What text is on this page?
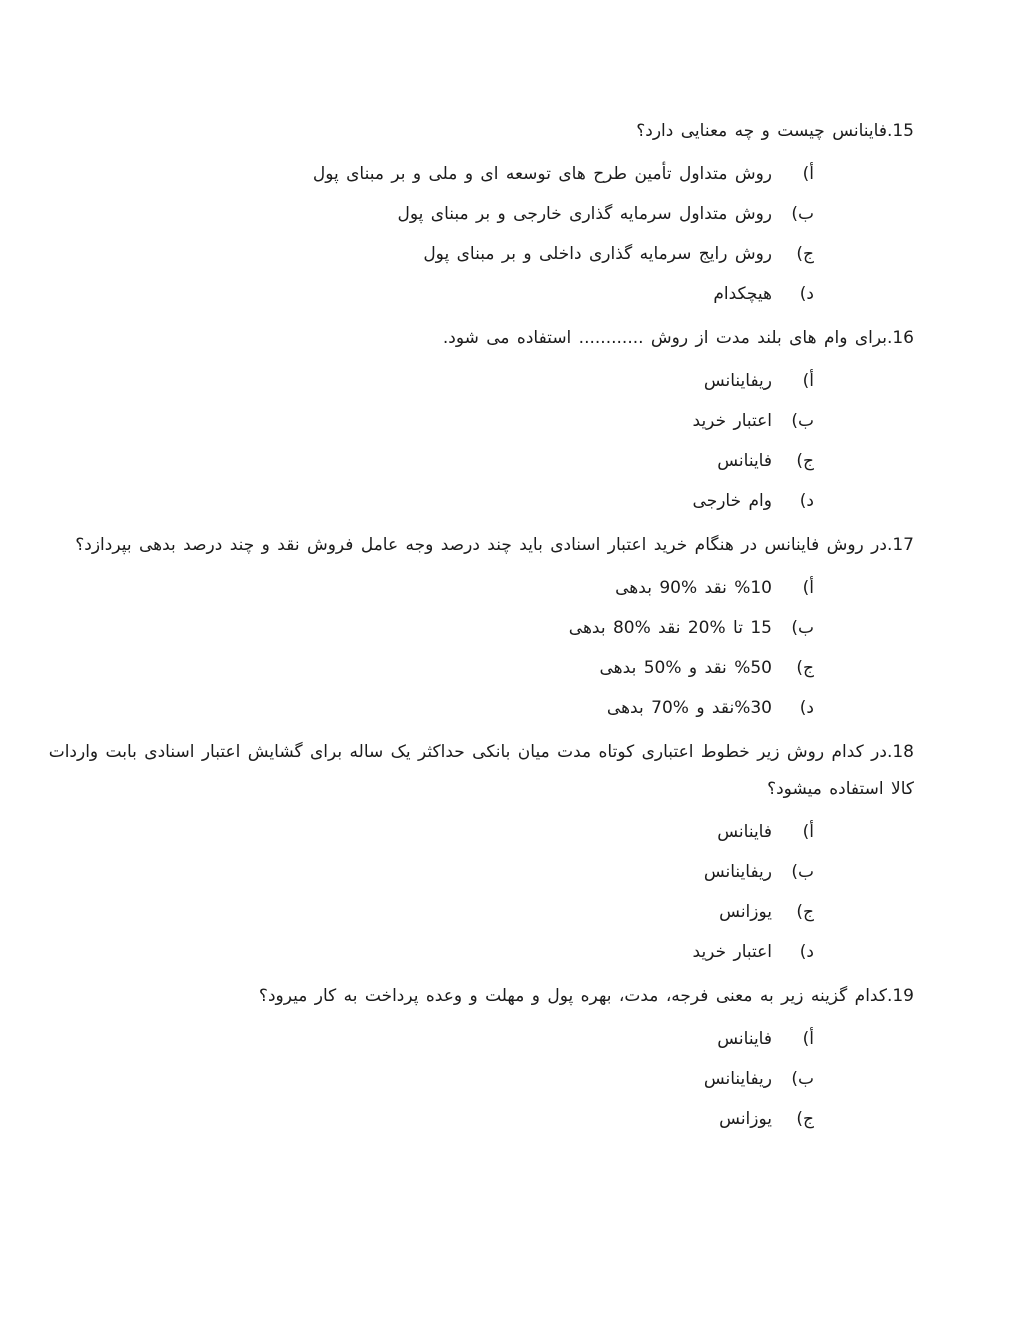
15.فاینانس چیست و چه معنایی دارد؟
أ)روش متداول تأمین طرح های توسعه ای و ملی و بر مبنای پول
ب)روش متداول سرمایه گذاری خارجی و بر مبنای پول
ج)روش رایج سرمایه گذاری داخلی و بر مبنای پول
د)هیچکدام
16.برای وام های بلند مدت از روش ............ استفاده می شود.
أ)ریفاینانس
ب)اعتبار خرید
ج)فاینانس
د)وام خارجی
17.در روش فاینانس در هنگام خرید اعتبار اسنادی باید چند درصد وجه عامل فروش نقد و چند درصد بدهی بپردازد؟
أ)%10 نقد %90 بدهی
ب)15 تا %20 نقد %80 بدهی
ج)%50 نقد و %50 بدهی
د)%30نقد و %70 بدهی
18.در کدام روش زیر خطوط اعتباری کوتاه مدت میان بانکی حداکثر یک ساله برای گشایش اعتبار اسنادی بابت واردات
کالا استفاده میشود؟
أ)فاینانس
ب)ریفاینانس
ج)یوزانس
د)اعتبار خرید
19.کدام گزینه زیر به معنی فرجه، مدت، بهره پول و مهلت و وعده پرداخت به کار میرود؟
أ)فاینانس
ب)ریفاینانس
ج)یوزانس
